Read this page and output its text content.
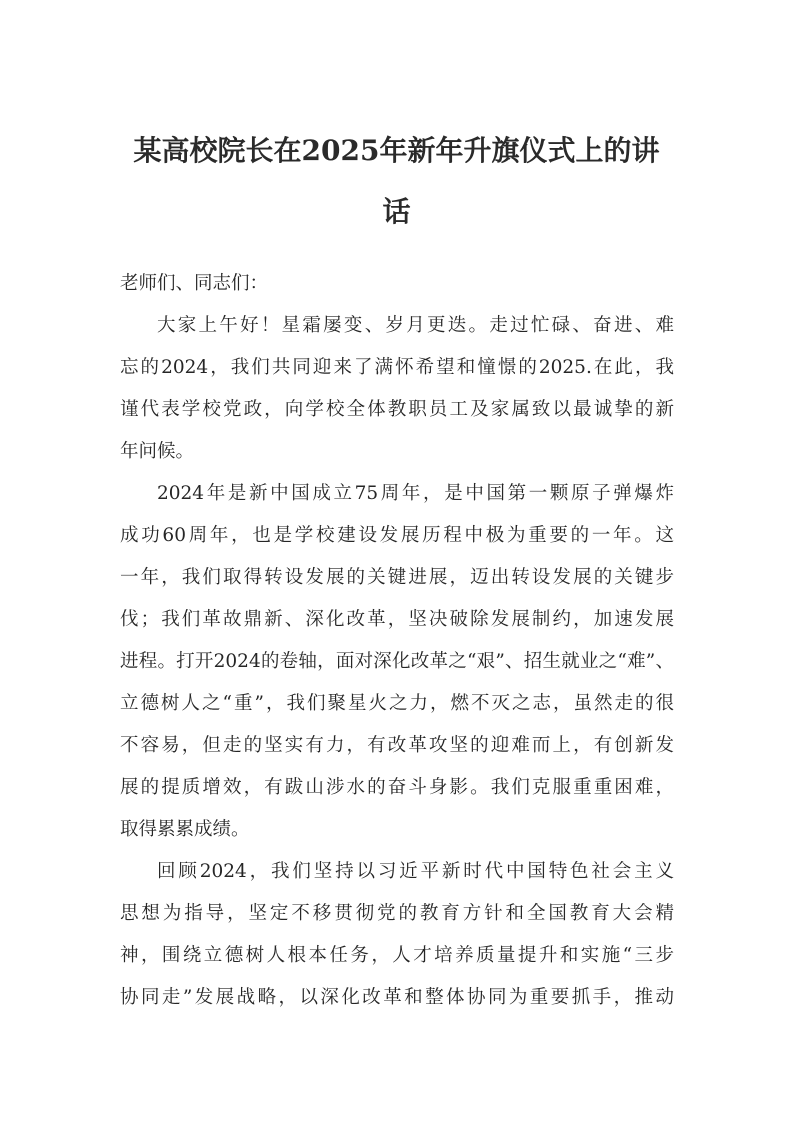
某高校院长在2025年新年升旗仪式上的讲
话
老师们、同志们：
大家上午好！星霜屡变、岁月更迭。走过忙碌、奋进、难
忘的2024，我们共同迎来了满怀希望和憧憬的2025.在此，我
谨代表学校党政，向学校全体教职员工及家属致以最诚挚的新
年问候。
2024年是新中国成立75周年，是中国第一颗原子弹爆炸
成功60周年，也是学校建设发展历程中极为重要的一年。这
一年，我们取得转设发展的关键进展，迈出转设发展的关键步
伐；我们革故鼎新、深化改革，坚决破除发展制约，加速发展
进程。打开2024的卷轴，面对深化改革之“艰”、招生就业之“难”、
立德树人之“重”，我们聚星火之力，燃不灭之志，虽然走的很
不容易，但走的坚实有力，有改革攻坚的迎难而上，有创新发
展的提质增效，有跋山涉水的奋斗身影。我们克服重重困难，
取得累累成绩。
回顾2024，我们坚持以习近平新时代中国特色社会主义
思想为指导，坚定不移贯彻党的教育方针和全国教育大会精
神，围绕立德树人根本任务，人才培养质量提升和实施“三步
协同走”发展战略，以深化改革和整体协同为重要抓手，推动
